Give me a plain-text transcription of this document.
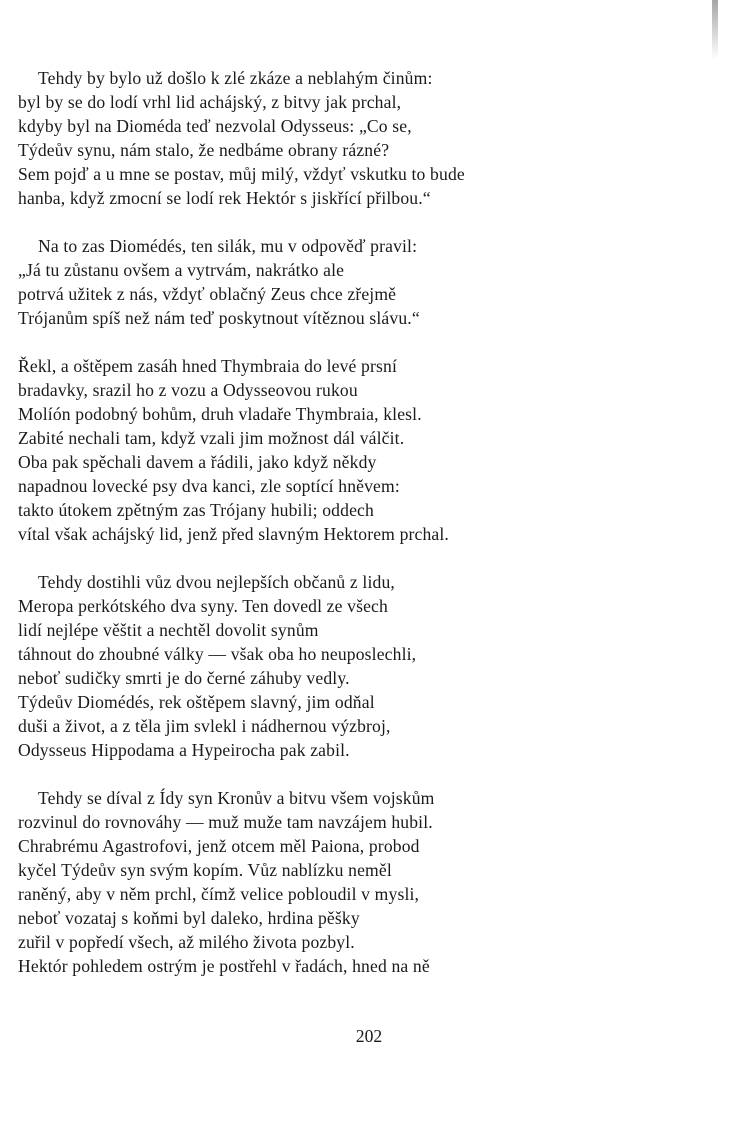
Tehdy by bylo už došlo k zlé zkáze a neblahým činům:
byl by se do lodí vrhl lid achájský, z bitvy jak prchal,
kdyby byl na Dioméda teď nezvolal Odysseus: „Co se,
Týdeův synu, nám stalo, že nedbáme obrany rázné?
Sem pojď a u mne se postav, můj milý, vždyť vskutku to bude
hanba, když zmocní se lodí rek Hektór s jiskřící přilbou.“
Na to zas Diomédés, ten silák, mu v odpověď pravil:
„Já tu zůstanu ovšem a vytrvám, nakrátko ale
potrvá užitek z nás, vždyť oblačný Zeus chce zřejmě
Trójanům spíš než nám teď poskytnout vítěznou slávu.“
Řekl, a oštěpem zasáh hned Thymbraia do levé prsní
bradavky, srazil ho z vozu a Odysseovou rukou
Molíón podobný bohům, druh vladaře Thymbraia, klesl.
Zabité nechali tam, když vzali jim možnost dál válčit.
Oba pak spěchali davem a řádili, jako když někdy
napadnou lovecké psy dva kanci, zle soptící hněvem:
takto útokem zpětným zas Trójany hubili; oddech
vítal však achájský lid, jenž před slavným Hektorem prchal.
Tehdy dostihli vůz dvou nejlepších občanů z lidu,
Meropa perkótského dva syny. Ten dovedl ze všech
lidí nejlépe věštit a nechtěl dovolit synům
táhnout do zhoubné války — však oba ho neuposlechli,
neboť sudičky smrti je do černé záhuby vedly.
Týdeův Diomédés, rek oštěpem slavný, jim odňal
duši a život, a z těla jim svlekl i nádhernou výzbroj,
Odysseus Hippodama a Hypeirocha pak zabil.
Tehdy se díval z Ídy syn Kronův a bitvu všem vojskům
rozvinul do rovnováhy — muž muže tam navzájem hubil.
Chrabrému Agastrofovi, jenž otcem měl Paiona, probod
kyčel Týdeův syn svým kopím. Vůz nablízku neměl
raněný, aby v něm prchl, čímž velice pobloudil v mysli,
neboť vozataj s koňmi byl daleko, hrdina pěšky
zuřil v popředí všech, až milého života pozbyl.
Hektór pohledem ostrým je postřehl v řadách, hned na ně
202
